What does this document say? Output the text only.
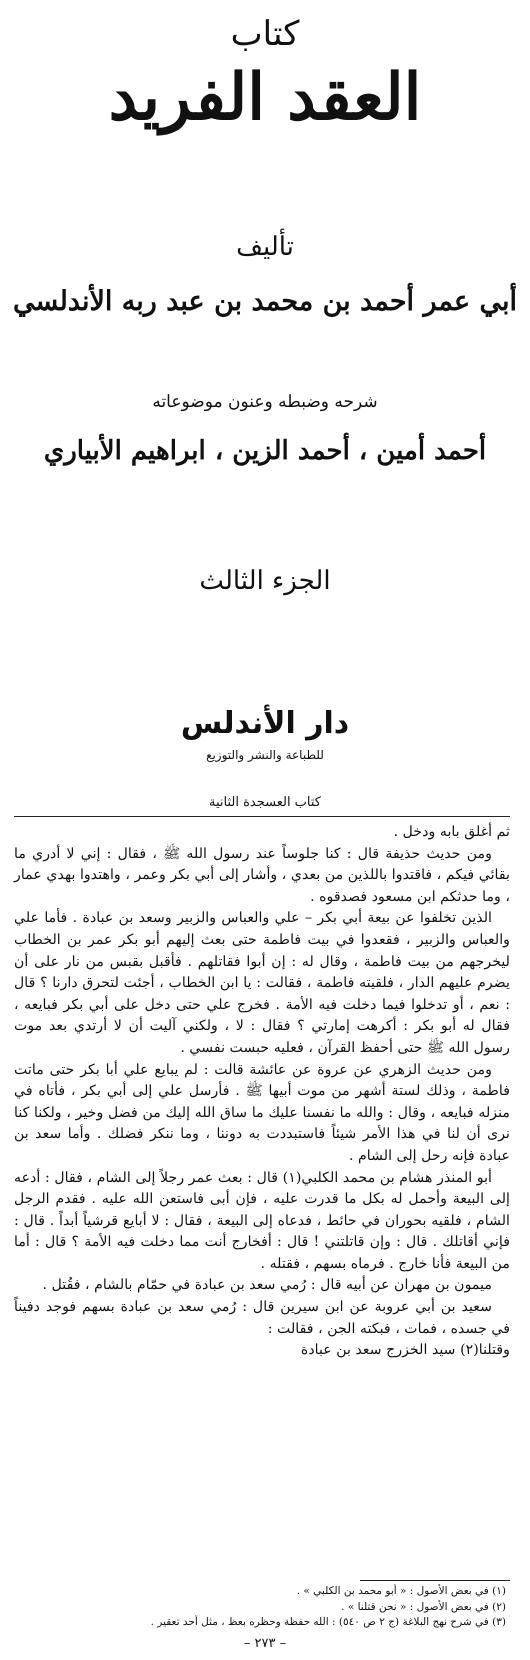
كتاب
العقد الفريد
تأليف
أبي عمر أحمد بن محمد بن عبد ربه الأندلسي
شرحه وضبطه وعنون موضوعاته
أحمد أمين ، أحمد الزين ، ابراهيم الأبياري
الجزء الثالث
دار الأندلس
للطباعة والنشر والتوزيع
كتاب العسجدة الثانية

ثم أغلق بابه ودخل .

ومن حديث حذيفة قال : كنا جلوساً عند رسول الله ﷺ ، فقال : إني لا أدري ما بقائي فيكم ، فاقتدوا باللذين من بعدي ، وأشار إلى أبي بكر وعمر ، واهتدوا بهدي عمار ، وما حدثكم ابن مسعود فصدقوه .

الذين تخلفوا عن بيعة أبي بكر – علي والعباس والزبير وسعد بن عبادة . فأما علي والعباس والزبير ، فقعدوا في بيت فاطمة حتى بعث إليهم أبو بكر عمر بن الخطاب ليخرجهم من بيت فاطمة ، وقال له : إن أبوا فقاتلهم . فأقبل بقبس من نار على أن يضرم عليهم الدار ، فلقيته فاطمة ، فقالت : يا ابن الخطاب ، أجئت لتحرق دارنا ؟ قال : نعم ، أو تدخلوا فيما دخلت فيه الأمة . فخرج علي حتى دخل على أبي بكر فبايعه ، فقال له أبو بكر : أكرهت إمارتي ؟ فقال : لا ، ولكني آليت أن لا أرتدي بعد موت رسول الله ﷺ حتى أحفظ القرآن ، فعليه حبست نفسي .

ومن حديث الزهري عن عروة عن عائشة قالت : لم يبايع علي أبا بكر حتى ماتت فاطمة ، وذلك لستة أشهر من موت أبيها ﷺ . فأرسل علي إلى أبي بكر ، فأتاه في منزله فبايعه ، وقال : والله ما نفسنا عليك ما ساق الله إليك من فضل وخير ، ولكنا كنا نرى أن لنا في هذا الأمر شيئاً فاستبددت به دوننا ، وما ننكر فضلك . وأما سعد بن عبادة فإنه رحل إلى الشام .

أبو المنذر هشام بن محمد الكلبي(١) قال : بعث عمر رجلاً إلى الشام ، فقال : أدعه إلى البيعة وأحمل له بكل ما قدرت عليه ، فإن أبى فاستعن الله عليه . فقدم الرجل الشام ، فلقيه بحوران في حائط ، فدعاه إلى البيعة ، فقال : لا أبايع قرشياً أبداً . قال : فإني أقاتلك . قال : وإن قاتلتني ! قال : أفخارج أنت مما دخلت فيه الأمة ؟ قال : أما من البيعة فأنا خارج . فرماه بسهم ، فقتله .

ميمون بن مهران عن أبيه قال : رُمي سعد بن عبادة في حمّام بالشام ، فقُتل .

سعيد بن أبي عروبة عن ابن سيرين قال : رُمي سعد بن عبادة بسهم فوجد دفيناً في جسده ، فمات ، فبكته الجن ، فقالت :

وقتلنا(٢) سيد الخزرج سعد بن عبادة

(١) في بعض الأصول : « أبو محمد بن الكلبي » .
(٢) في بعض الأصول : « نحن قتلنا » .
(٣) في شرح نهج البلاغة (ج ٢ ص ٥٤٠) : الله حفظة وحظره بعظ ، مثل أحد تعقير .
– ٢٧٣ –
